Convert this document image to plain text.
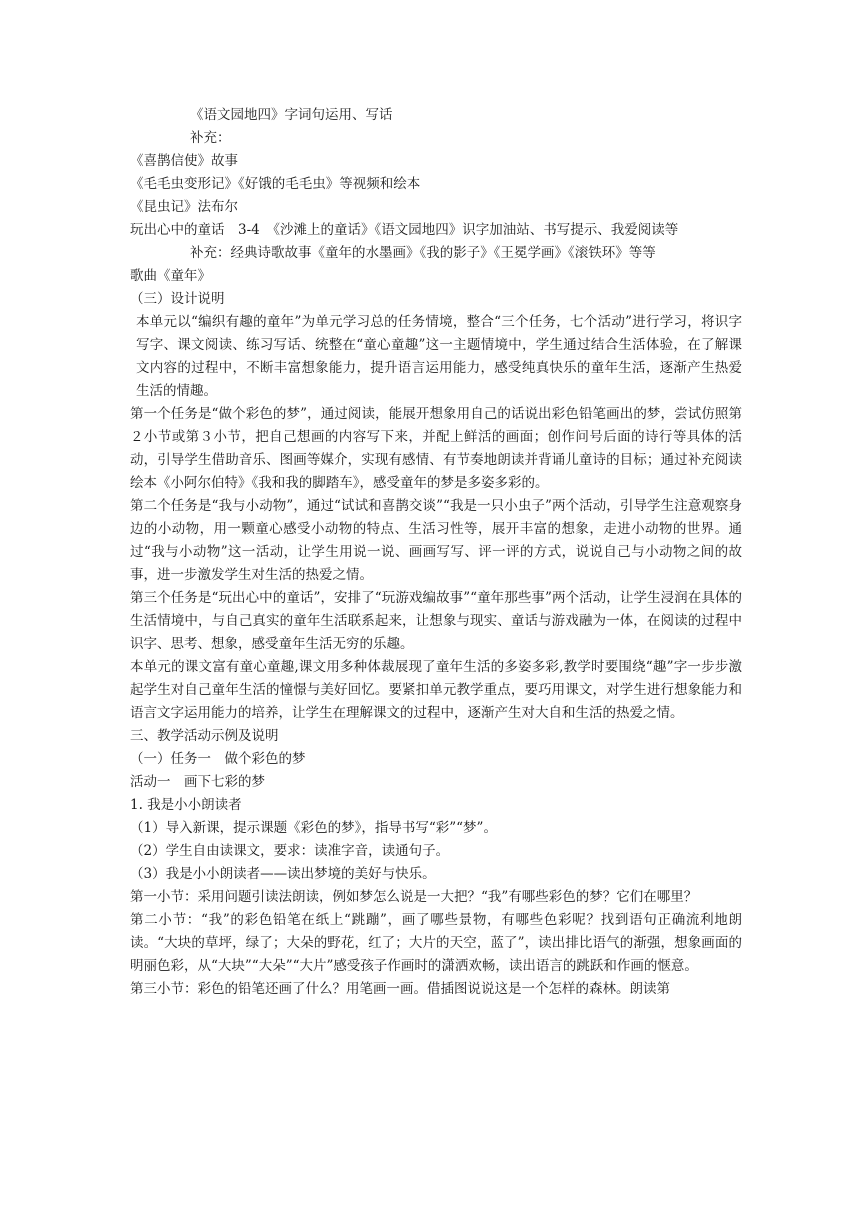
《语文园地四》字词句运用、写话
补充：
《喜鹊信使》故事
《毛毛虫变形记》《好饿的毛毛虫》等视频和绘本
《昆虫记》法布尔
玩出心中的童话　3-4　《沙滩上的童话》《语文园地四》识字加油站、书写提示、我爱阅读等
补充：经典诗歌故事《童年的水墨画》《我的影子》《王冕学画》《滚铁环》等等
歌曲《童年》
（三）设计说明
本单元以“编织有趣的童年”为单元学习总的任务情境，整合“三个任务，七个活动”进行学习，将识字写字、课文阅读、练习写话、统整在“童心童趣”这一主题情境中，学生通过结合生活体验，在了解课文内容的过程中，不断丰富想象能力，提升语言运用能力，感受纯真快乐的童年生活，逐渐产生热爱生活的情趣。
第一个任务是“做个彩色的梦”，通过阅读，能展开想象用自己的话说出彩色铅笔画出的梦，尝试仿照第２小节或第３小节，把自己想画的内容写下来，并配上鲜活的画面；创作问号后面的诗行等具体的活动，引导学生借助音乐、图画等媒介，实现有感情、有节奏地朗读并背诵儿童诗的目标；通过补充阅读绘本《小阿尔伯特》《我和我的脚踏车》，感受童年的梦是多姿多彩的。
第二个任务是“我与小动物”，通过“试试和喜鹊交谈”“我是一只小虫子”两个活动，引导学生注意观察身边的小动物，用一颗童心感受小动物的特点、生活习性等，展开丰富的想象，走进小动物的世界。通过“我与小动物”这一活动，让学生用说一说、画画写写、评一评的方式，说说自己与小动物之间的故事，进一步激发学生对生活的热爱之情。
第三个任务是“玩出心中的童话”，安排了“玩游戏编故事”“童年那些事”两个活动，让学生浸润在具体的生活情境中，与自己真实的童年生活联系起来，让想象与现实、童话与游戏融为一体，在阅读的过程中识字、思考、想象，感受童年生活无穷的乐趣。
本单元的课文富有童心童趣,课文用多种体裁展现了童年生活的多姿多彩,教学时要围绕“趣”字一步步激起学生对自己童年生活的憧憬与美好回忆。要紧扣单元教学重点，要巧用课文，对学生进行想象能力和语言文字运用能力的培养，让学生在理解课文的过程中，逐渐产生对大自和生活的热爱之情。
三、教学活动示例及说明
（一）任务一　做个彩色的梦
活动一　画下七彩的梦
1. 我是小小朗读者
（1）导入新课，提示课题《彩色的梦》，指导书写“彩”“梦”。
（2）学生自由读课文，要求：读准字音，读通句子。
（3）我是小小朗读者——读出梦境的美好与快乐。
第一小节：采用问题引读法朗读，例如梦怎么说是一大把？“我”有哪些彩色的梦？它们在哪里？
第二小节：“我”的彩色铅笔在纸上“跳蹦”，画了哪些景物，有哪些色彩呢？找到语句正确流利地朗读。“大块的草坪，绿了；大朵的野花，红了；大片的天空，蓝了”，读出排比语气的渐强，想象画面的明丽色彩，从“大块”“大朵”“大片”感受孩子作画时的潇洒欢畅，读出语言的跳跃和作画的惬意。
第三小节：彩色的铅笔还画了什么？用笔画一画。借插图说说这是一个怎样的森林。朗读第
